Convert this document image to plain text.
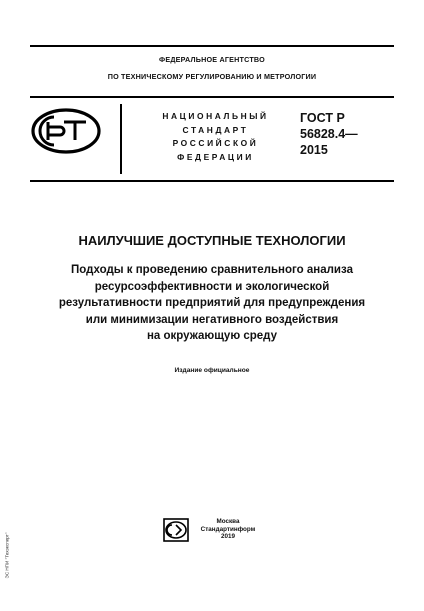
ФЕДЕРАЛЬНОЕ АГЕНТСТВО
ПО ТЕХНИЧЕСКОМУ РЕГУЛИРОВАНИЮ И МЕТРОЛОГИИ
НАЦИОНАЛЬНЫЙ
СТАНДАРТ
РОССИЙСКОЙ
ФЕДЕРАЦИИ
ГОСТ Р
56828.4—
2015
НАИЛУЧШИЕ ДОСТУПНЫЕ ТЕХНОЛОГИИ
Подходы к проведению сравнительного анализа
ресурсоэффективности и экологической
результативности предприятий для предупреждения
или минимизации негативного воздействия
на окружающую среду
Издание официальное
Москва
Стандартинформ
2019
ЭС НПИ "Техэксперт"
